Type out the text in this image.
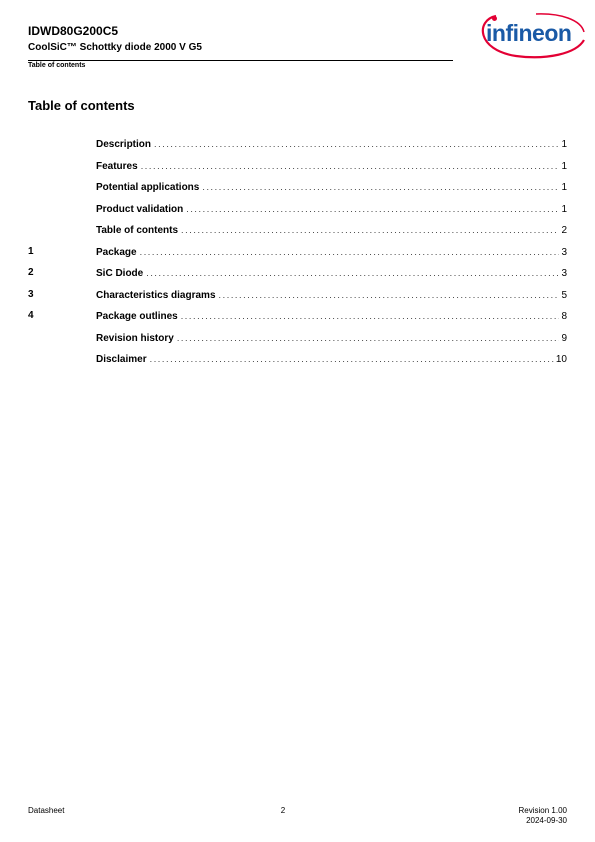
IDWD80G200C5
CoolSiC™ Schottky diode 2000 V G5
Table of contents
infineon
Table of contents
Description .....	1
Features .....	1
Potential applications .....	1
Product validation .....	1
Table of contents .....	2
1	Package .....	3
2	SiC Diode .....	3
3	Characteristics diagrams .....	5
4	Package outlines .....	8
Revision history .....	9
Disclaimer .....	10
Datasheet	2	Revision 1.00
2024-09-30
